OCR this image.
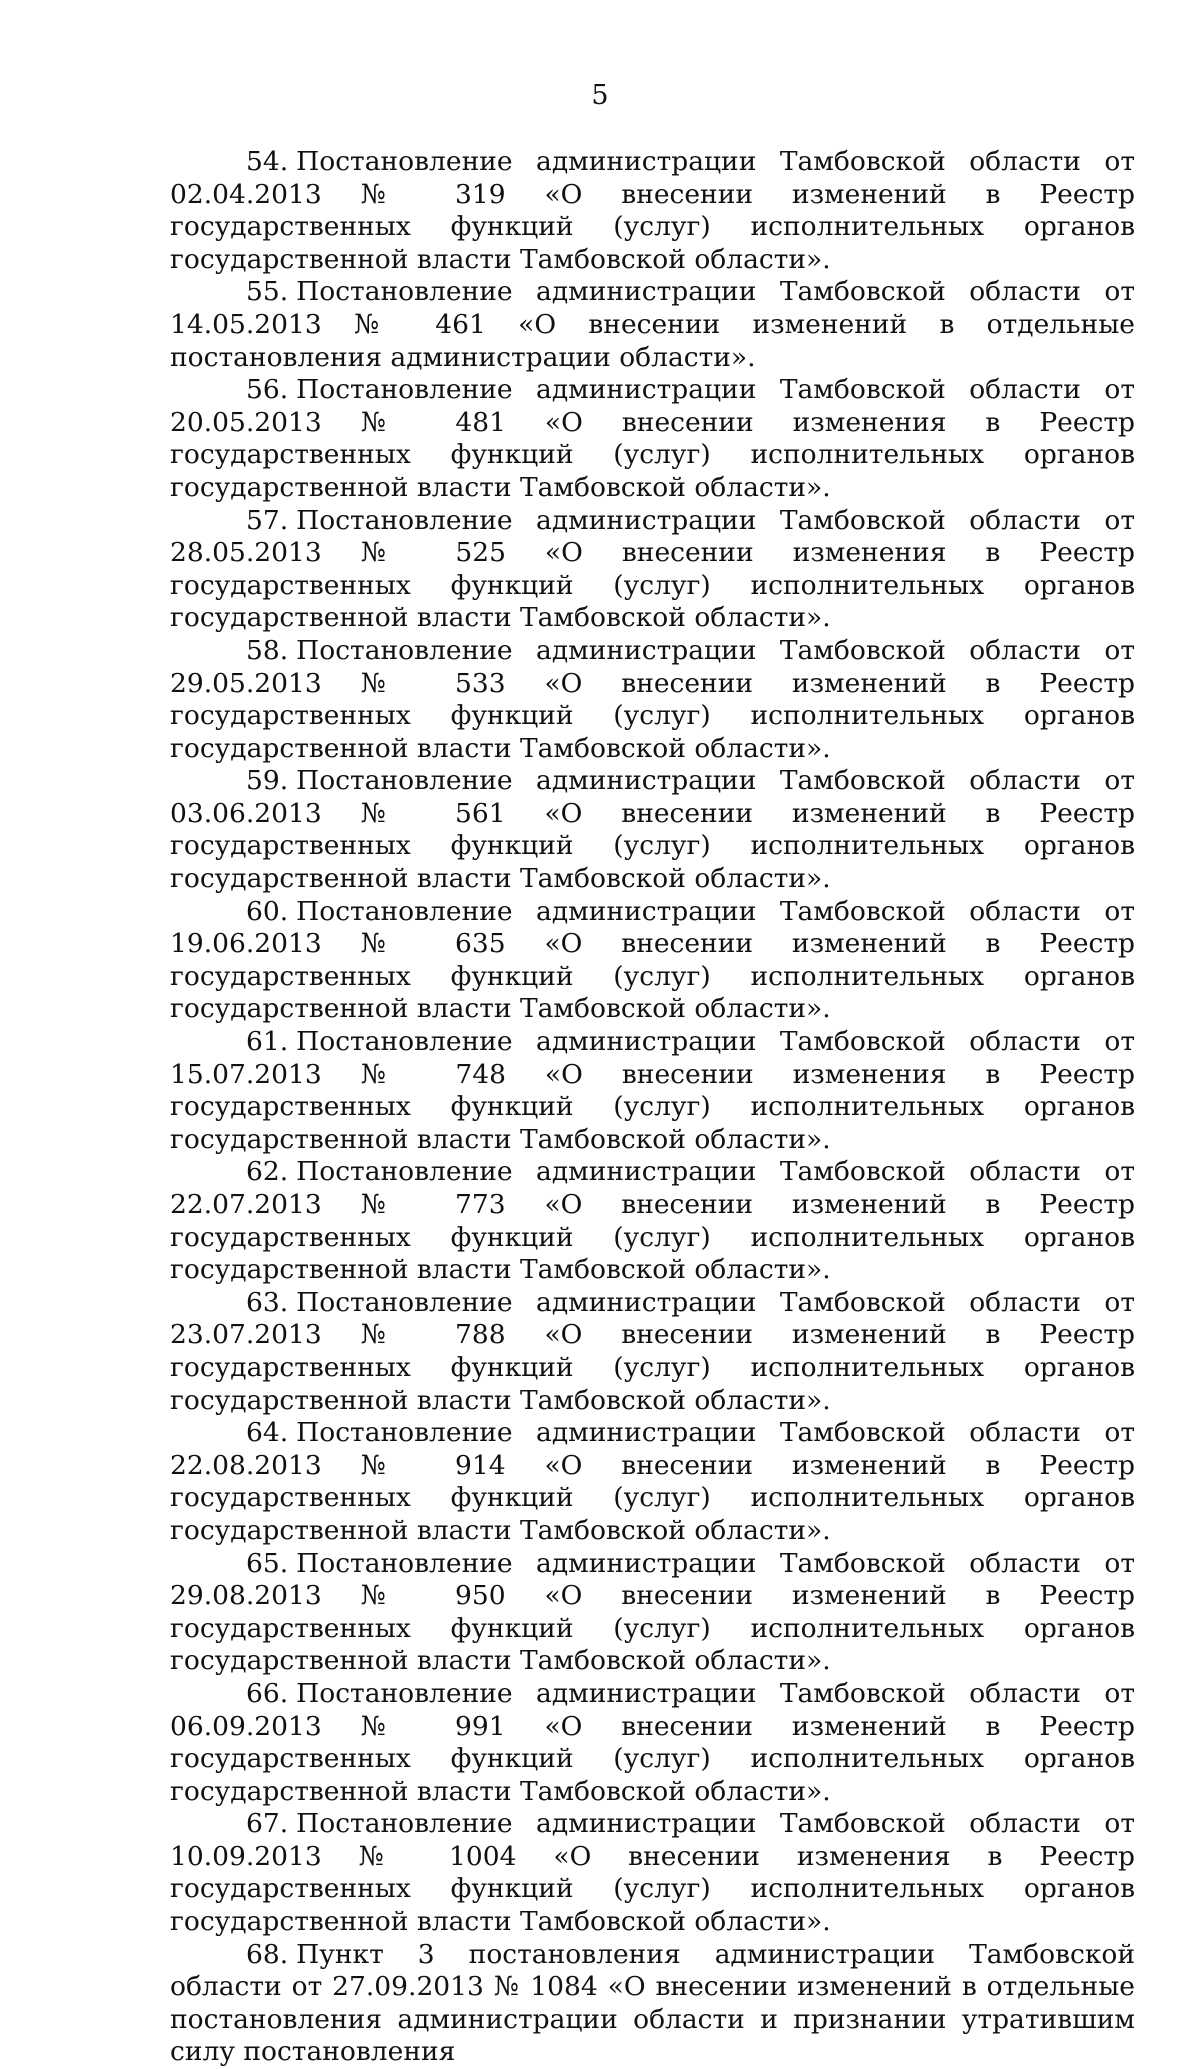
5

54. Постановление администрации Тамбовской области от 02.04.2013 № 319 «О внесении изменений в Реестр государственных функций (услуг) исполнительных органов государственной власти Тамбовской области».

55. Постановление администрации Тамбовской области от 14.05.2013 № 461 «О внесении изменений в отдельные постановления администрации области».

56. Постановление администрации Тамбовской области от 20.05.2013 № 481 «О внесении изменения в Реестр государственных функций (услуг) исполнительных органов государственной власти Тамбовской области».

57. Постановление администрации Тамбовской области от 28.05.2013 № 525 «О внесении изменения в Реестр государственных функций (услуг) исполнительных органов государственной власти Тамбовской области».

58. Постановление администрации Тамбовской области от 29.05.2013 № 533 «О внесении изменений в Реестр государственных функций (услуг) исполнительных органов государственной власти Тамбовской области».

59. Постановление администрации Тамбовской области от 03.06.2013 № 561 «О внесении изменений в Реестр государственных функций (услуг) исполнительных органов государственной власти Тамбовской области».

60. Постановление администрации Тамбовской области от 19.06.2013 № 635 «О внесении изменений в Реестр государственных функций (услуг) исполнительных органов государственной власти Тамбовской области».

61. Постановление администрации Тамбовской области от 15.07.2013 № 748 «О внесении изменения в Реестр государственных функций (услуг) исполнительных органов государственной власти Тамбовской области».

62. Постановление администрации Тамбовской области от 22.07.2013 № 773 «О внесении изменений в Реестр государственных функций (услуг) исполнительных органов государственной власти Тамбовской области».

63. Постановление администрации Тамбовской области от 23.07.2013 № 788 «О внесении изменений в Реестр государственных функций (услуг) исполнительных органов государственной власти Тамбовской области».

64. Постановление администрации Тамбовской области от 22.08.2013 № 914 «О внесении изменений в Реестр государственных функций (услуг) исполнительных органов государственной власти Тамбовской области».

65. Постановление администрации Тамбовской области от 29.08.2013 № 950 «О внесении изменений в Реестр государственных функций (услуг) исполнительных органов государственной власти Тамбовской области».

66. Постановление администрации Тамбовской области от 06.09.2013 № 991 «О внесении изменений в Реестр государственных функций (услуг) исполнительных органов государственной власти Тамбовской области».

67. Постановление администрации Тамбовской области от 10.09.2013 № 1004 «О внесении изменения в Реестр государственных функций (услуг) исполнительных органов государственной власти Тамбовской области».

68. Пункт 3 постановления администрации Тамбовской области от 27.09.2013 № 1084 «О внесении изменений в отдельные постановления администрации области и признании утратившим силу постановления
